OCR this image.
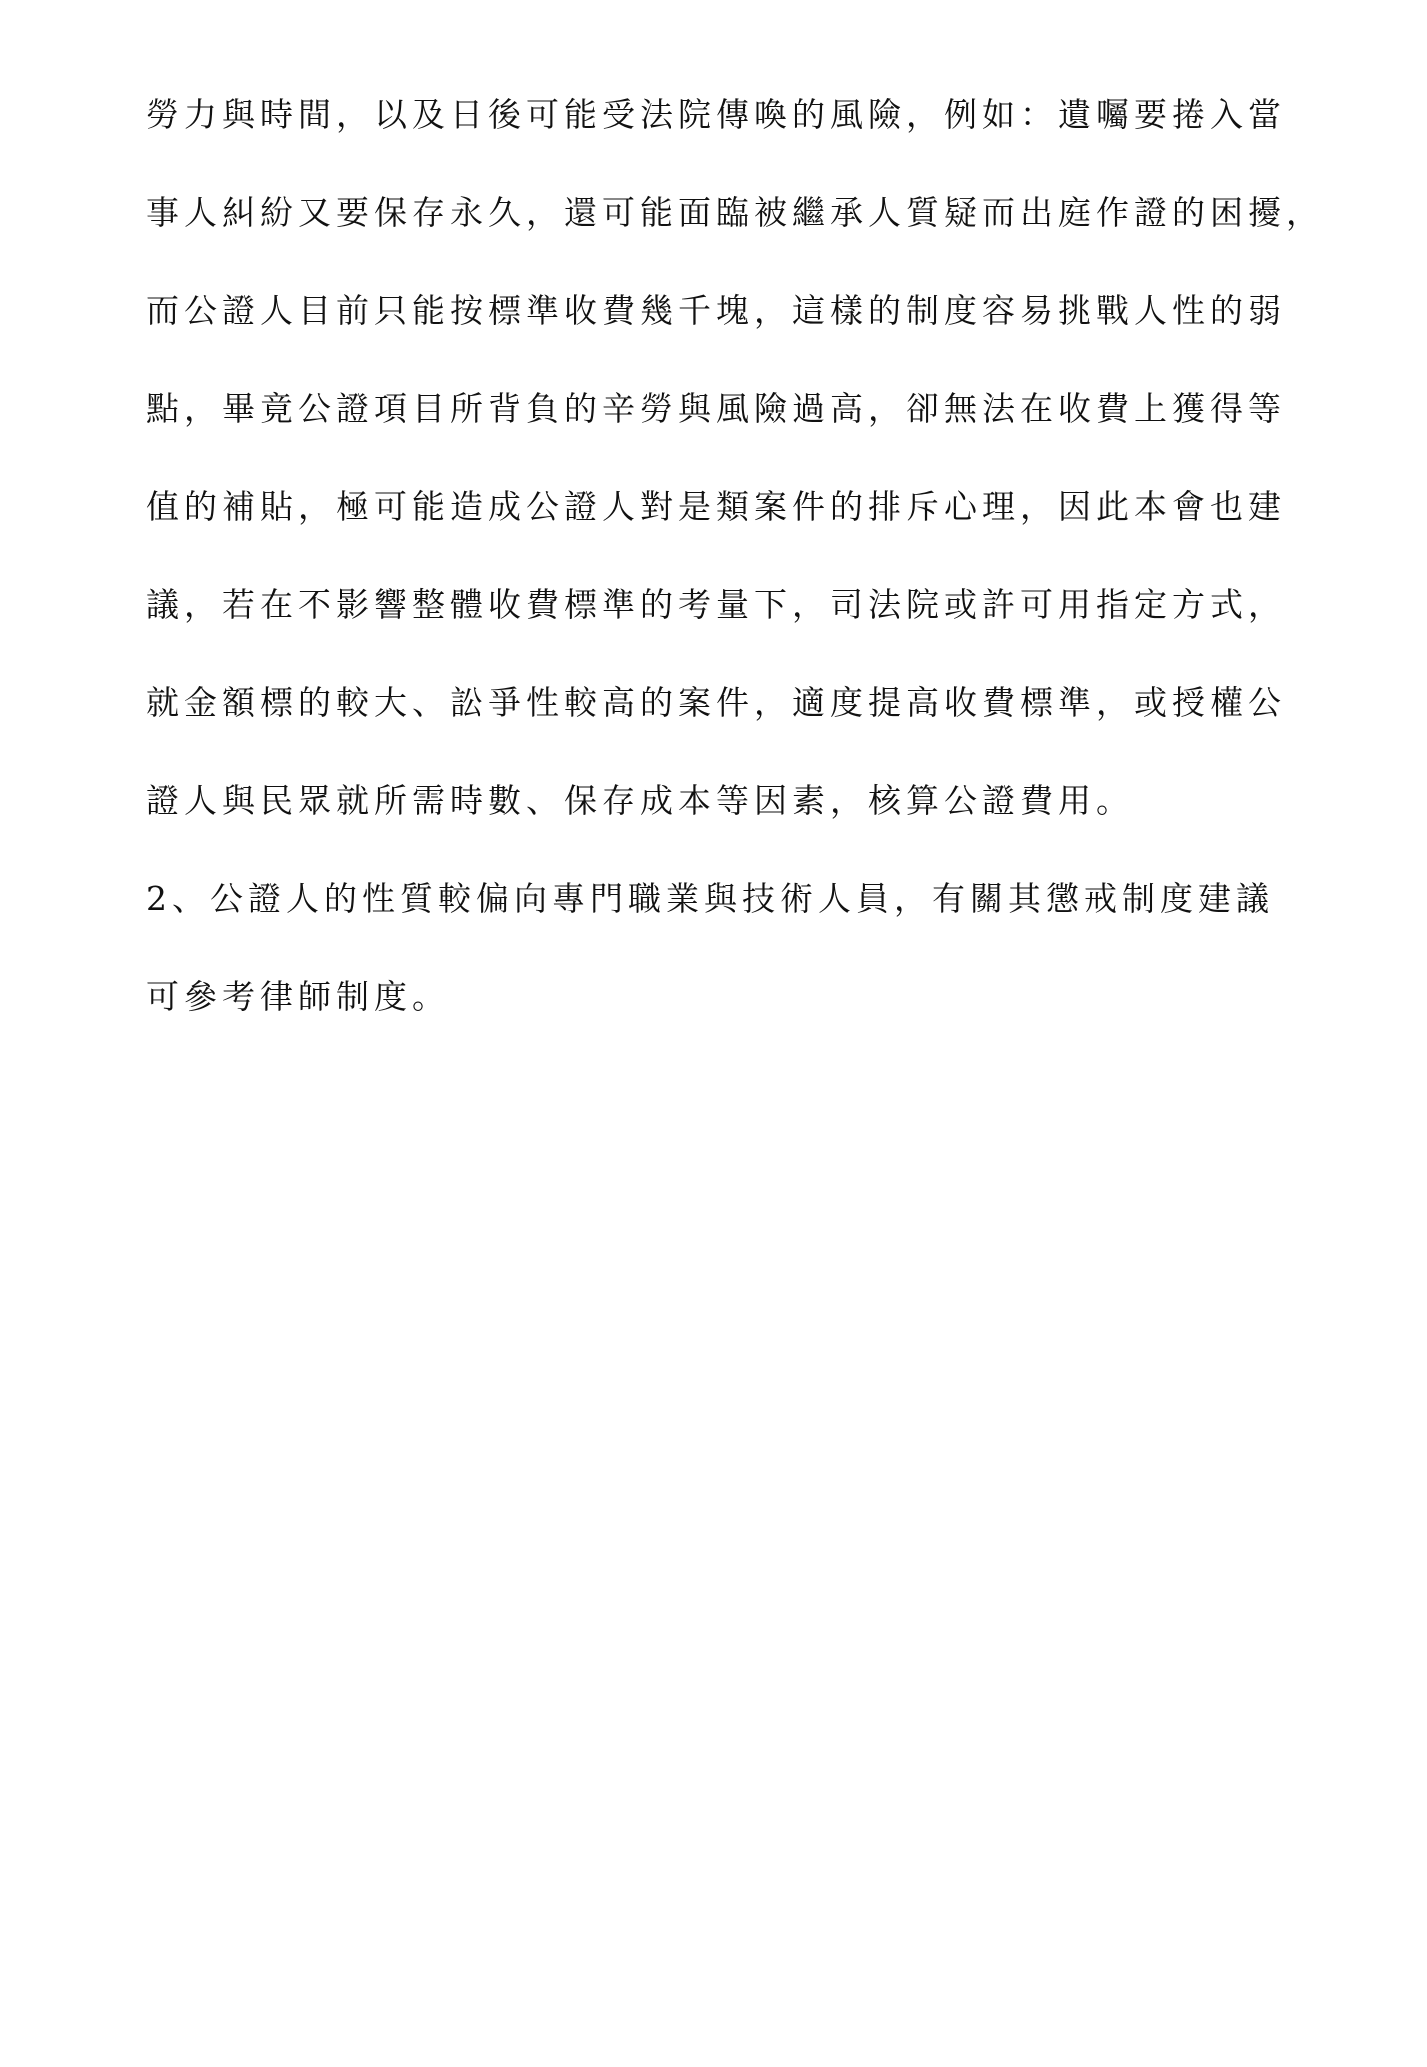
勞力與時間，以及日後可能受法院傳喚的風險，例如：遺囑要捲入當

事人糾紛又要保存永久，還可能面臨被繼承人質疑而出庭作證的困擾，

而公證人目前只能按標準收費幾千塊，這樣的制度容易挑戰人性的弱

點，畢竟公證項目所背負的辛勞與風險過高，卻無法在收費上獲得等

值的補貼，極可能造成公證人對是類案件的排斥心理，因此本會也建

議，若在不影響整體收費標準的考量下，司法院或許可用指定方式，

就金額標的較大、訟爭性較高的案件，適度提高收費標準，或授權公

證人與民眾就所需時數、保存成本等因素，核算公證費用。

2、公證人的性質較偏向專門職業與技術人員，有關其懲戒制度建議

可參考律師制度。
